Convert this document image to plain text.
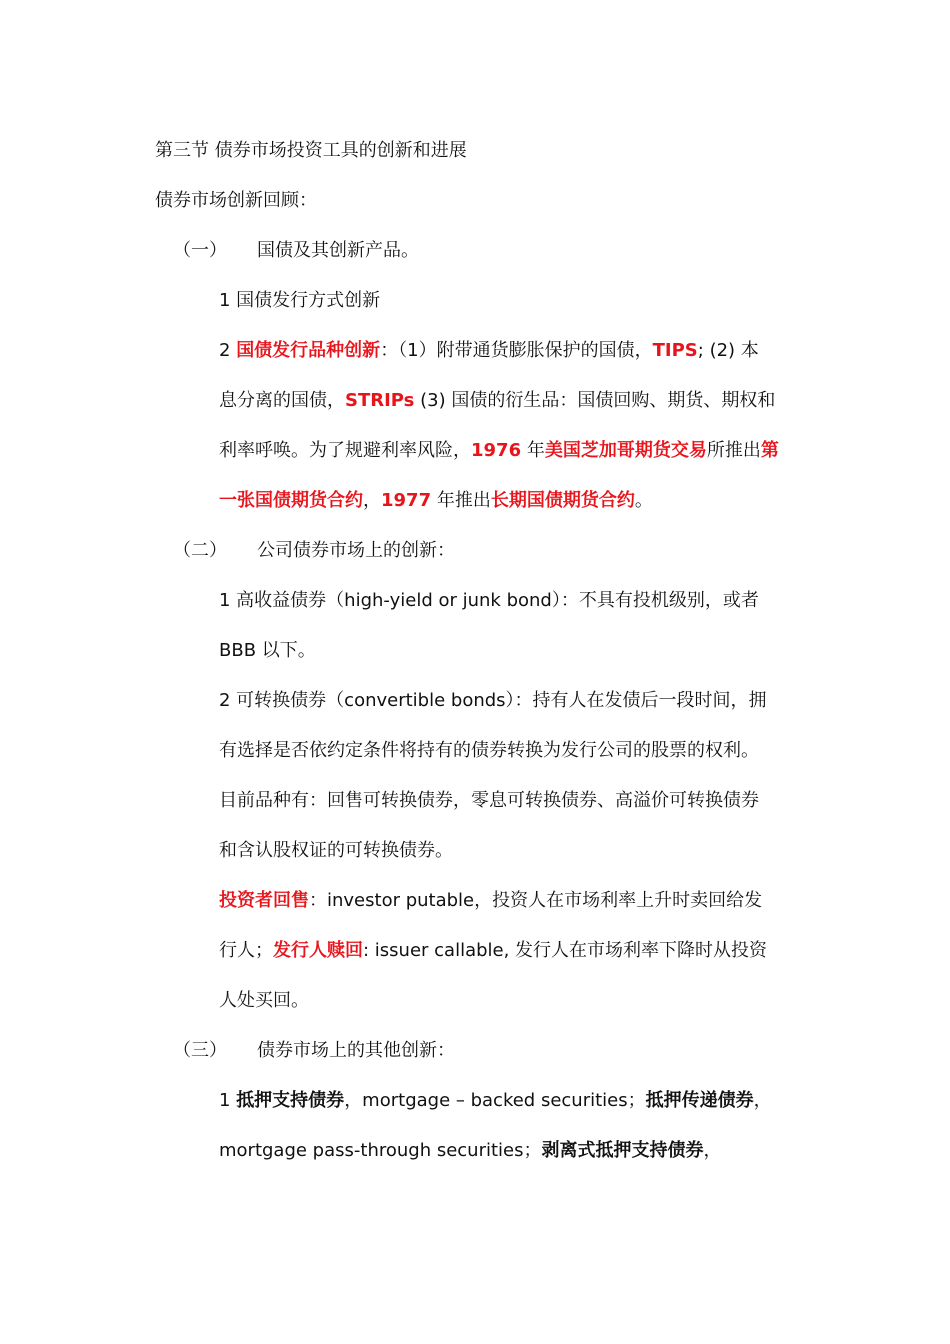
第三节 债券市场投资工具的创新和进展
债券市场创新回顾：
（一） 国债及其创新产品。
1 国债发行方式创新
2 国债发行品种创新：（1）附带通货膨胀保护的国债，TIPS; (2) 本
息分离的国债，STRIPs (3) 国债的衍生品：国债回购、期货、期权和
利率呼唤。为了规避利率风险，1976 年美国芝加哥期货交易所推出第
一张国债期货合约，1977 年推出长期国债期货合约。
（二） 公司债券市场上的创新：
1 高收益债券（high-yield or junk bond）：不具有投机级别，或者
BBB 以下。
2 可转换债券（convertible bonds）：持有人在发债后一段时间，拥
有选择是否依约定条件将持有的债券转换为发行公司的股票的权利。
目前品种有：回售可转换债券，零息可转换债券、高溢价可转换债券
和含认股权证的可转换债券。
投资者回售：investor putable，投资人在市场利率上升时卖回给发
行人；发行人赎回: issuer callable, 发行人在市场利率下降时从投资
人处买回。
（三） 债券市场上的其他创新：
1 抵押支持债券，mortgage – backed securities；抵押传递债券，
mortgage pass-through securities；剥离式抵押支持债券，
